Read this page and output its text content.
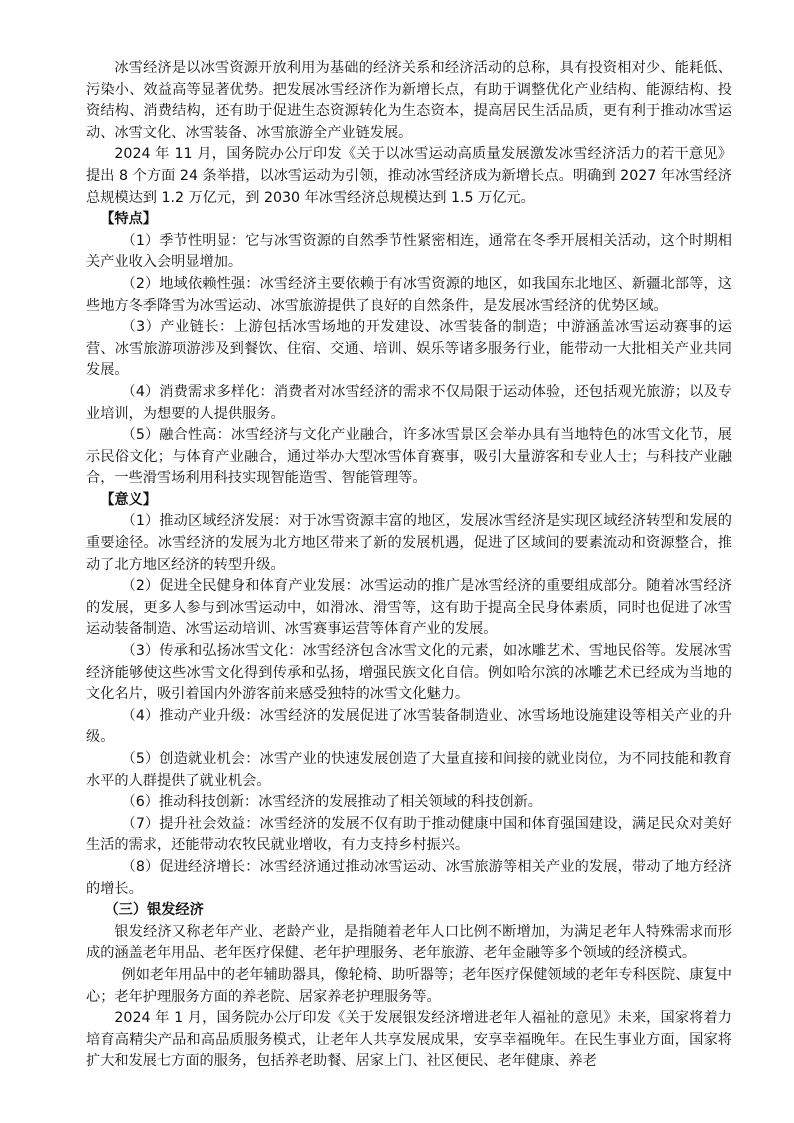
冰雪经济是以冰雪资源开放利用为基础的经济关系和经济活动的总称，具有投资相对少、能耗低、污染小、效益高等显著优势。把发展冰雪经济作为新增长点，有助于调整优化产业结构、能源结构、投资结构、消费结构，还有助于促进生态资源转化为生态资本，提高居民生活品质，更有利于推动冰雪运动、冰雪文化、冰雪装备、冰雪旅游全产业链发展。

2024 年 11 月，国务院办公厅印发《关于以冰雪运动高质量发展激发冰雪经济活力的若干意见》提出 8 个方面 24 条举措，以冰雪运动为引领，推动冰雪经济成为新增长点。明确到 2027 年冰雪经济总规模达到 1.2 万亿元，到 2030 年冰雪经济总规模达到 1.5 万亿元。

【特点】

（1）季节性明显：它与冰雪资源的自然季节性紧密相连，通常在冬季开展相关活动，这个时期相关产业收入会明显增加。

（2）地域依赖性强：冰雪经济主要依赖于有冰雪资源的地区，如我国东北地区、新疆北部等，这些地方冬季降雪为冰雪运动、冰雪旅游提供了良好的自然条件，是发展冰雪经济的优势区域。

（3）产业链长：上游包括冰雪场地的开发建设、冰雪装备的制造；中游涵盖冰雪运动赛事的运营、冰雪旅游项游涉及到餐饮、住宿、交通、培训、娱乐等诸多服务行业，能带动一大批相关产业共同发展。

（4）消费需求多样化：消费者对冰雪经济的需求不仅局限于运动体验，还包括观光旅游；以及专业培训，为想要的人提供服务。

（5）融合性高：冰雪经济与文化产业融合，许多冰雪景区会举办具有当地特色的冰雪文化节，展示民俗文化；与体育产业融合，通过举办大型冰雪体育赛事，吸引大量游客和专业人士；与科技产业融合，一些滑雪场利用科技实现智能造雪、智能管理等。

【意义】

（1）推动区域经济发展：对于冰雪资源丰富的地区，发展冰雪经济是实现区域经济转型和发展的重要途径。冰雪经济的发展为北方地区带来了新的发展机遇，促进了区域间的要素流动和资源整合，推动了北方地区经济的转型升级。

（2）促进全民健身和体育产业发展：冰雪运动的推广是冰雪经济的重要组成部分。随着冰雪经济的发展，更多人参与到冰雪运动中，如滑冰、滑雪等，这有助于提高全民身体素质，同时也促进了冰雪运动装备制造、冰雪运动培训、冰雪赛事运营等体育产业的发展。

（3）传承和弘扬冰雪文化：冰雪经济包含冰雪文化的元素，如冰雕艺术、雪地民俗等。发展冰雪经济能够使这些冰雪文化得到传承和弘扬，增强民族文化自信。例如哈尔滨的冰雕艺术已经成为当地的文化名片，吸引着国内外游客前来感受独特的冰雪文化魅力。

（4）推动产业升级：冰雪经济的发展促进了冰雪装备制造业、冰雪场地设施建设等相关产业的升级。

（5）创造就业机会：冰雪产业的快速发展创造了大量直接和间接的就业岗位，为不同技能和教育水平的人群提供了就业机会。

（6）推动科技创新：冰雪经济的发展推动了相关领域的科技创新。

（7）提升社会效益：冰雪经济的发展不仅有助于推动健康中国和体育强国建设，满足民众对美好生活的需求，还能带动农牧民就业增收，有力支持乡村振兴。

（8）促进经济增长：冰雪经济通过推动冰雪运动、冰雪旅游等相关产业的发展，带动了地方经济的增长。

（三）银发经济

银发经济又称老年产业、老龄产业，是指随着老年人口比例不断增加，为满足老年人特殊需求而形成的涵盖老年用品、老年医疗保健、老年护理服务、老年旅游、老年金融等多个领域的经济模式。

例如老年用品中的老年辅助器具，像轮椅、助听器等；老年医疗保健领域的老年专科医院、康复中心；老年护理服务方面的养老院、居家养老护理服务等。

2024 年 1 月，国务院办公厅印发《关于发展银发经济增进老年人福祉的意见》未来，国家将着力培育高精尖产品和高品质服务模式，让老年人共享发展成果，安享幸福晚年。在民生事业方面，国家将扩大和发展七方面的服务，包括养老助餐、居家上门、社区便民、老年健康、养老
